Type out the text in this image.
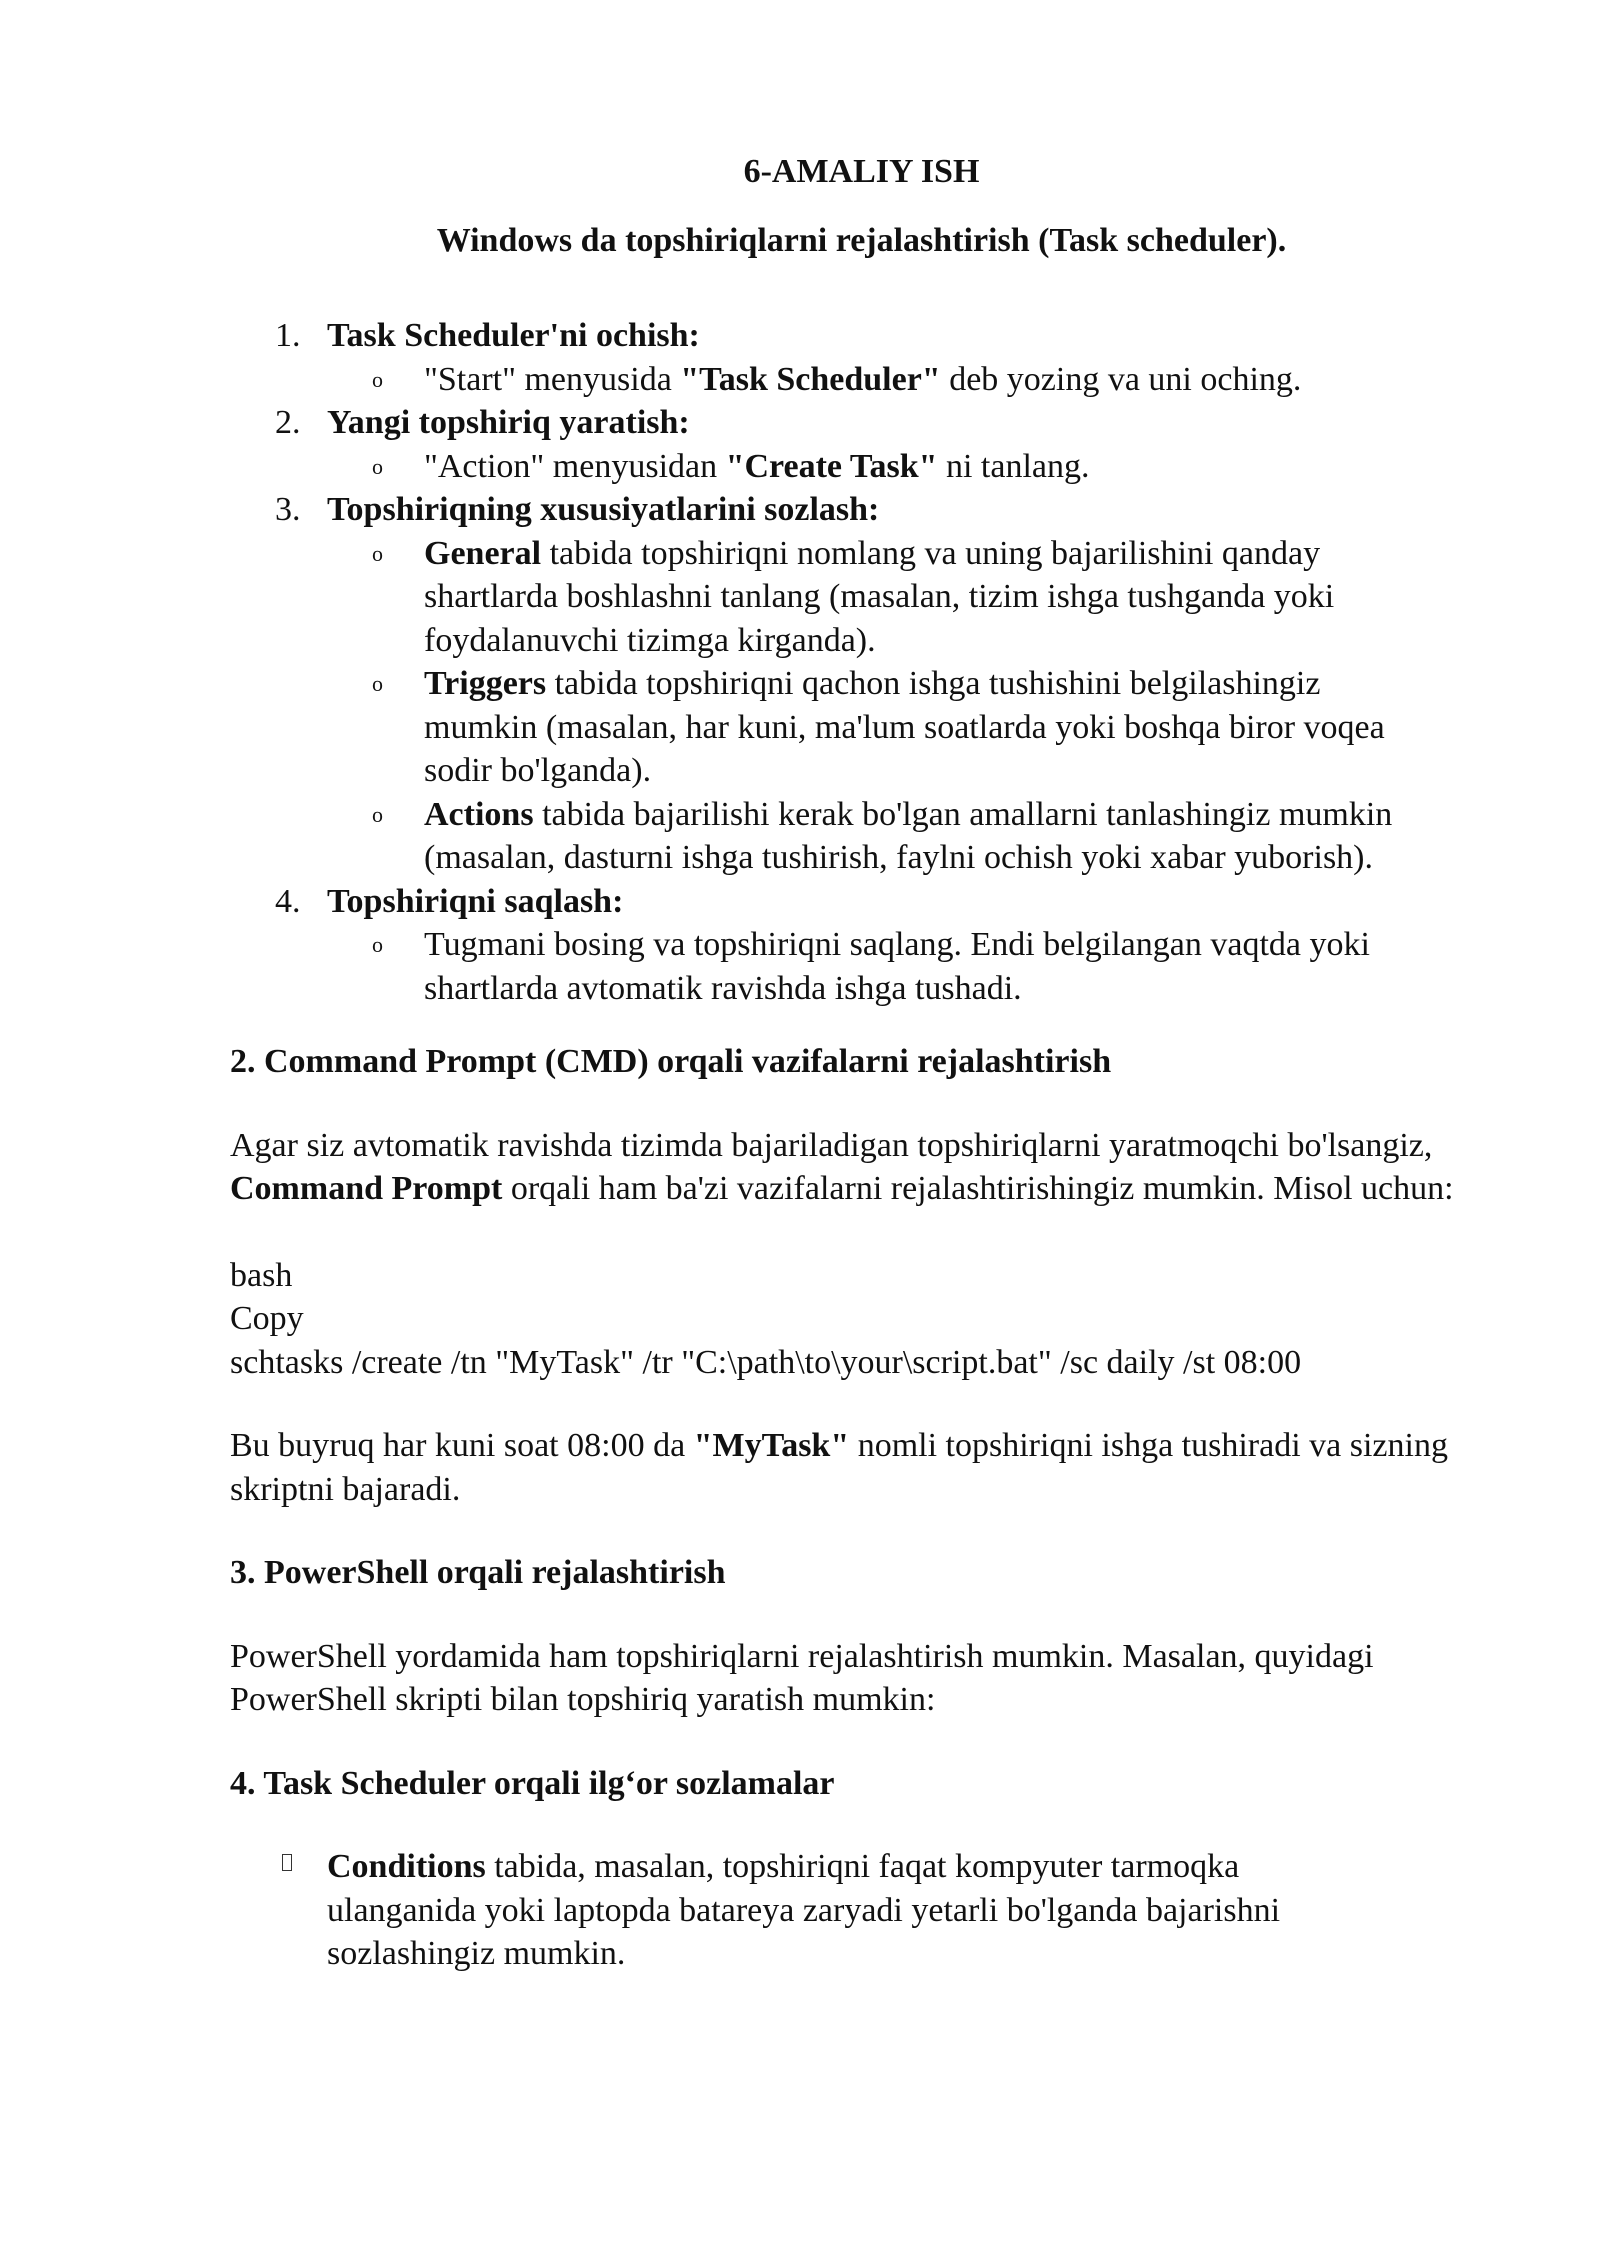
6-AMALIY ISH
Windows da topshiriqlarni rejalashtirish (Task scheduler).
1. Task Scheduler'ni ochish:
o "Start" menyusida "Task Scheduler" deb yozing va uni oching.
2. Yangi topshiriq yaratish:
o "Action" menyusidan "Create Task" ni tanlang.
3. Topshiriqning xususiyatlarini sozlash:
o General tabida topshiriqni nomlang va uning bajarilishini qanday shartlarda boshlashni tanlang (masalan, tizim ishga tushganda yoki foydalanuvchi tizimga kirganda).
o Triggers tabida topshiriqni qachon ishga tushishini belgilashingiz mumkin (masalan, har kuni, ma'lum soatlarda yoki boshqa biror voqea sodir bo'lganda).
o Actions tabida bajarilishi kerak bo'lgan amallarni tanlashingiz mumkin (masalan, dasturni ishga tushirish, faylni ochish yoki xabar yuborish).
4. Topshiriqni saqlash:
o Tugmani bosing va topshiriqni saqlang. Endi belgilangan vaqtda yoki shartlarda avtomatik ravishda ishga tushadi.

2. Command Prompt (CMD) orqali vazifalarni rejalashtirish

Agar siz avtomatik ravishda tizimda bajariladigan topshiriqlarni yaratmoqchi bo'lsangiz, Command Prompt orqali ham ba'zi vazifalarni rejalashtirishingiz mumkin. Misol uchun:

bash
Copy
schtasks /create /tn "MyTask" /tr "C:\path\to\your\script.bat" /sc daily /st 08:00

Bu buyruq har kuni soat 08:00 da "MyTask" nomli topshiriqni ishga tushiradi va sizning skriptni bajaradi.

3. PowerShell orqali rejalashtirish

PowerShell yordamida ham topshiriqlarni rejalashtirish mumkin. Masalan, quyidagi PowerShell skripti bilan topshiriq yaratish mumkin:

4. Task Scheduler orqali ilg‘or sozlamalar

Conditions tabida, masalan, topshiriqni faqat kompyuter tarmoqka ulanganida yoki laptopda batareya zaryadi yetarli bo'lganda bajarishni sozlashingiz mumkin.
